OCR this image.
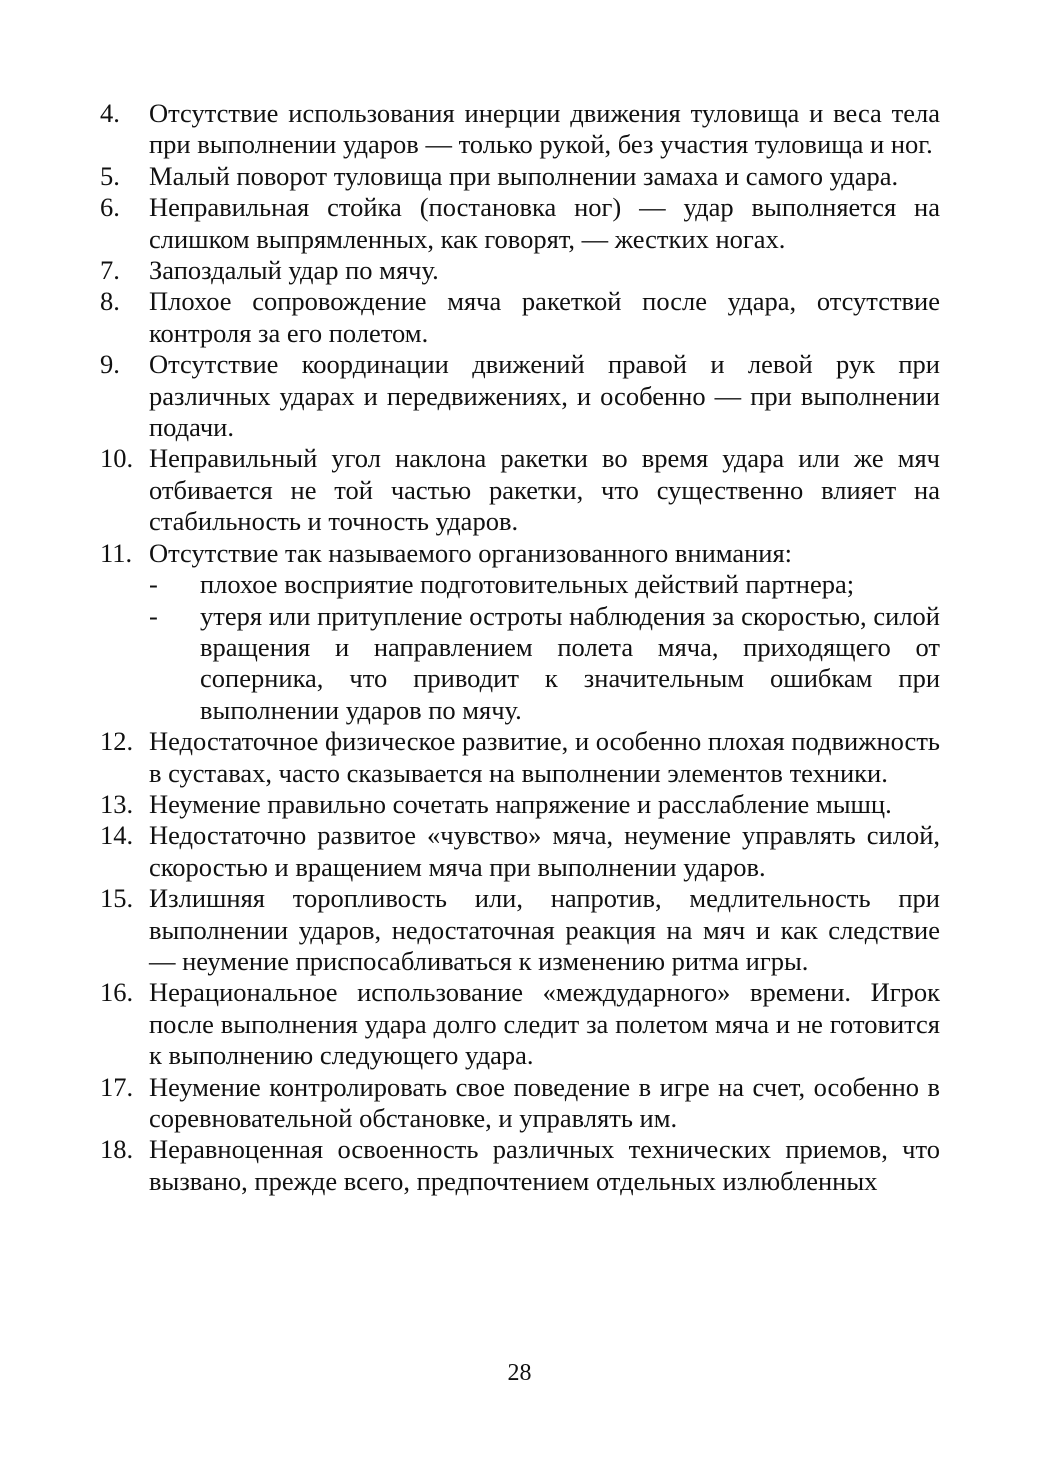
4.	Отсутствие использования инерции движения туловища и веса тела при выполнении ударов — только рукой, без участия туловища и ног.
5.	Малый поворот туловища при выполнении замаха и самого удара.
6.	Неправильная стойка (постановка ног) — удар выполняется на слишком выпрямленных, как говорят, — жестких ногах.
7.	Запоздалый удар по мячу.
8.	Плохое сопровождение мяча ракеткой после удара, отсутствие контроля за его полетом.
9.	Отсутствие координации движений правой и левой рук при различных ударах и передвижениях, и особенно — при выполнении подачи.
10. Неправильный угол наклона ракетки во время удара или же мяч отбивается не той частью ракетки, что существенно влияет на стабильность и точность ударов.
11. Отсутствие так называемого организованного внимания:
- плохое восприятие подготовительных действий партнера;
- утеря или притупление остроты наблюдения за скоростью, силой вращения и направлением полета мяча, приходящего от соперника, что приводит к значительным ошибкам при выполнении ударов по мячу.
12. Недостаточное физическое развитие, и особенно плохая подвижность в суставах, часто сказывается на выполнении элементов техники.
13. Неумение правильно сочетать напряжение и расслабление мышц.
14. Недостаточно развитое «чувство» мяча, неумение управлять силой, скоростью и вращением мяча при выполнении ударов.
15. Излишняя торопливость или, напротив, медлительность при выполнении ударов, недостаточная реакция на мяч и как следствие — неумение приспосабливаться к изменению ритма игры.
16. Нерациональное использование «междударного» времени. Игрок после выполнения удара долго следит за полетом мяча и не готовится к выполнению следующего удара.
17. Неумение контролировать свое поведение в игре на счет, особенно в соревновательной обстановке, и управлять им.
18. Неравноценная освоенность различных технических приемов, что вызвано, прежде всего, предпочтением отдельных излюбленных
28
